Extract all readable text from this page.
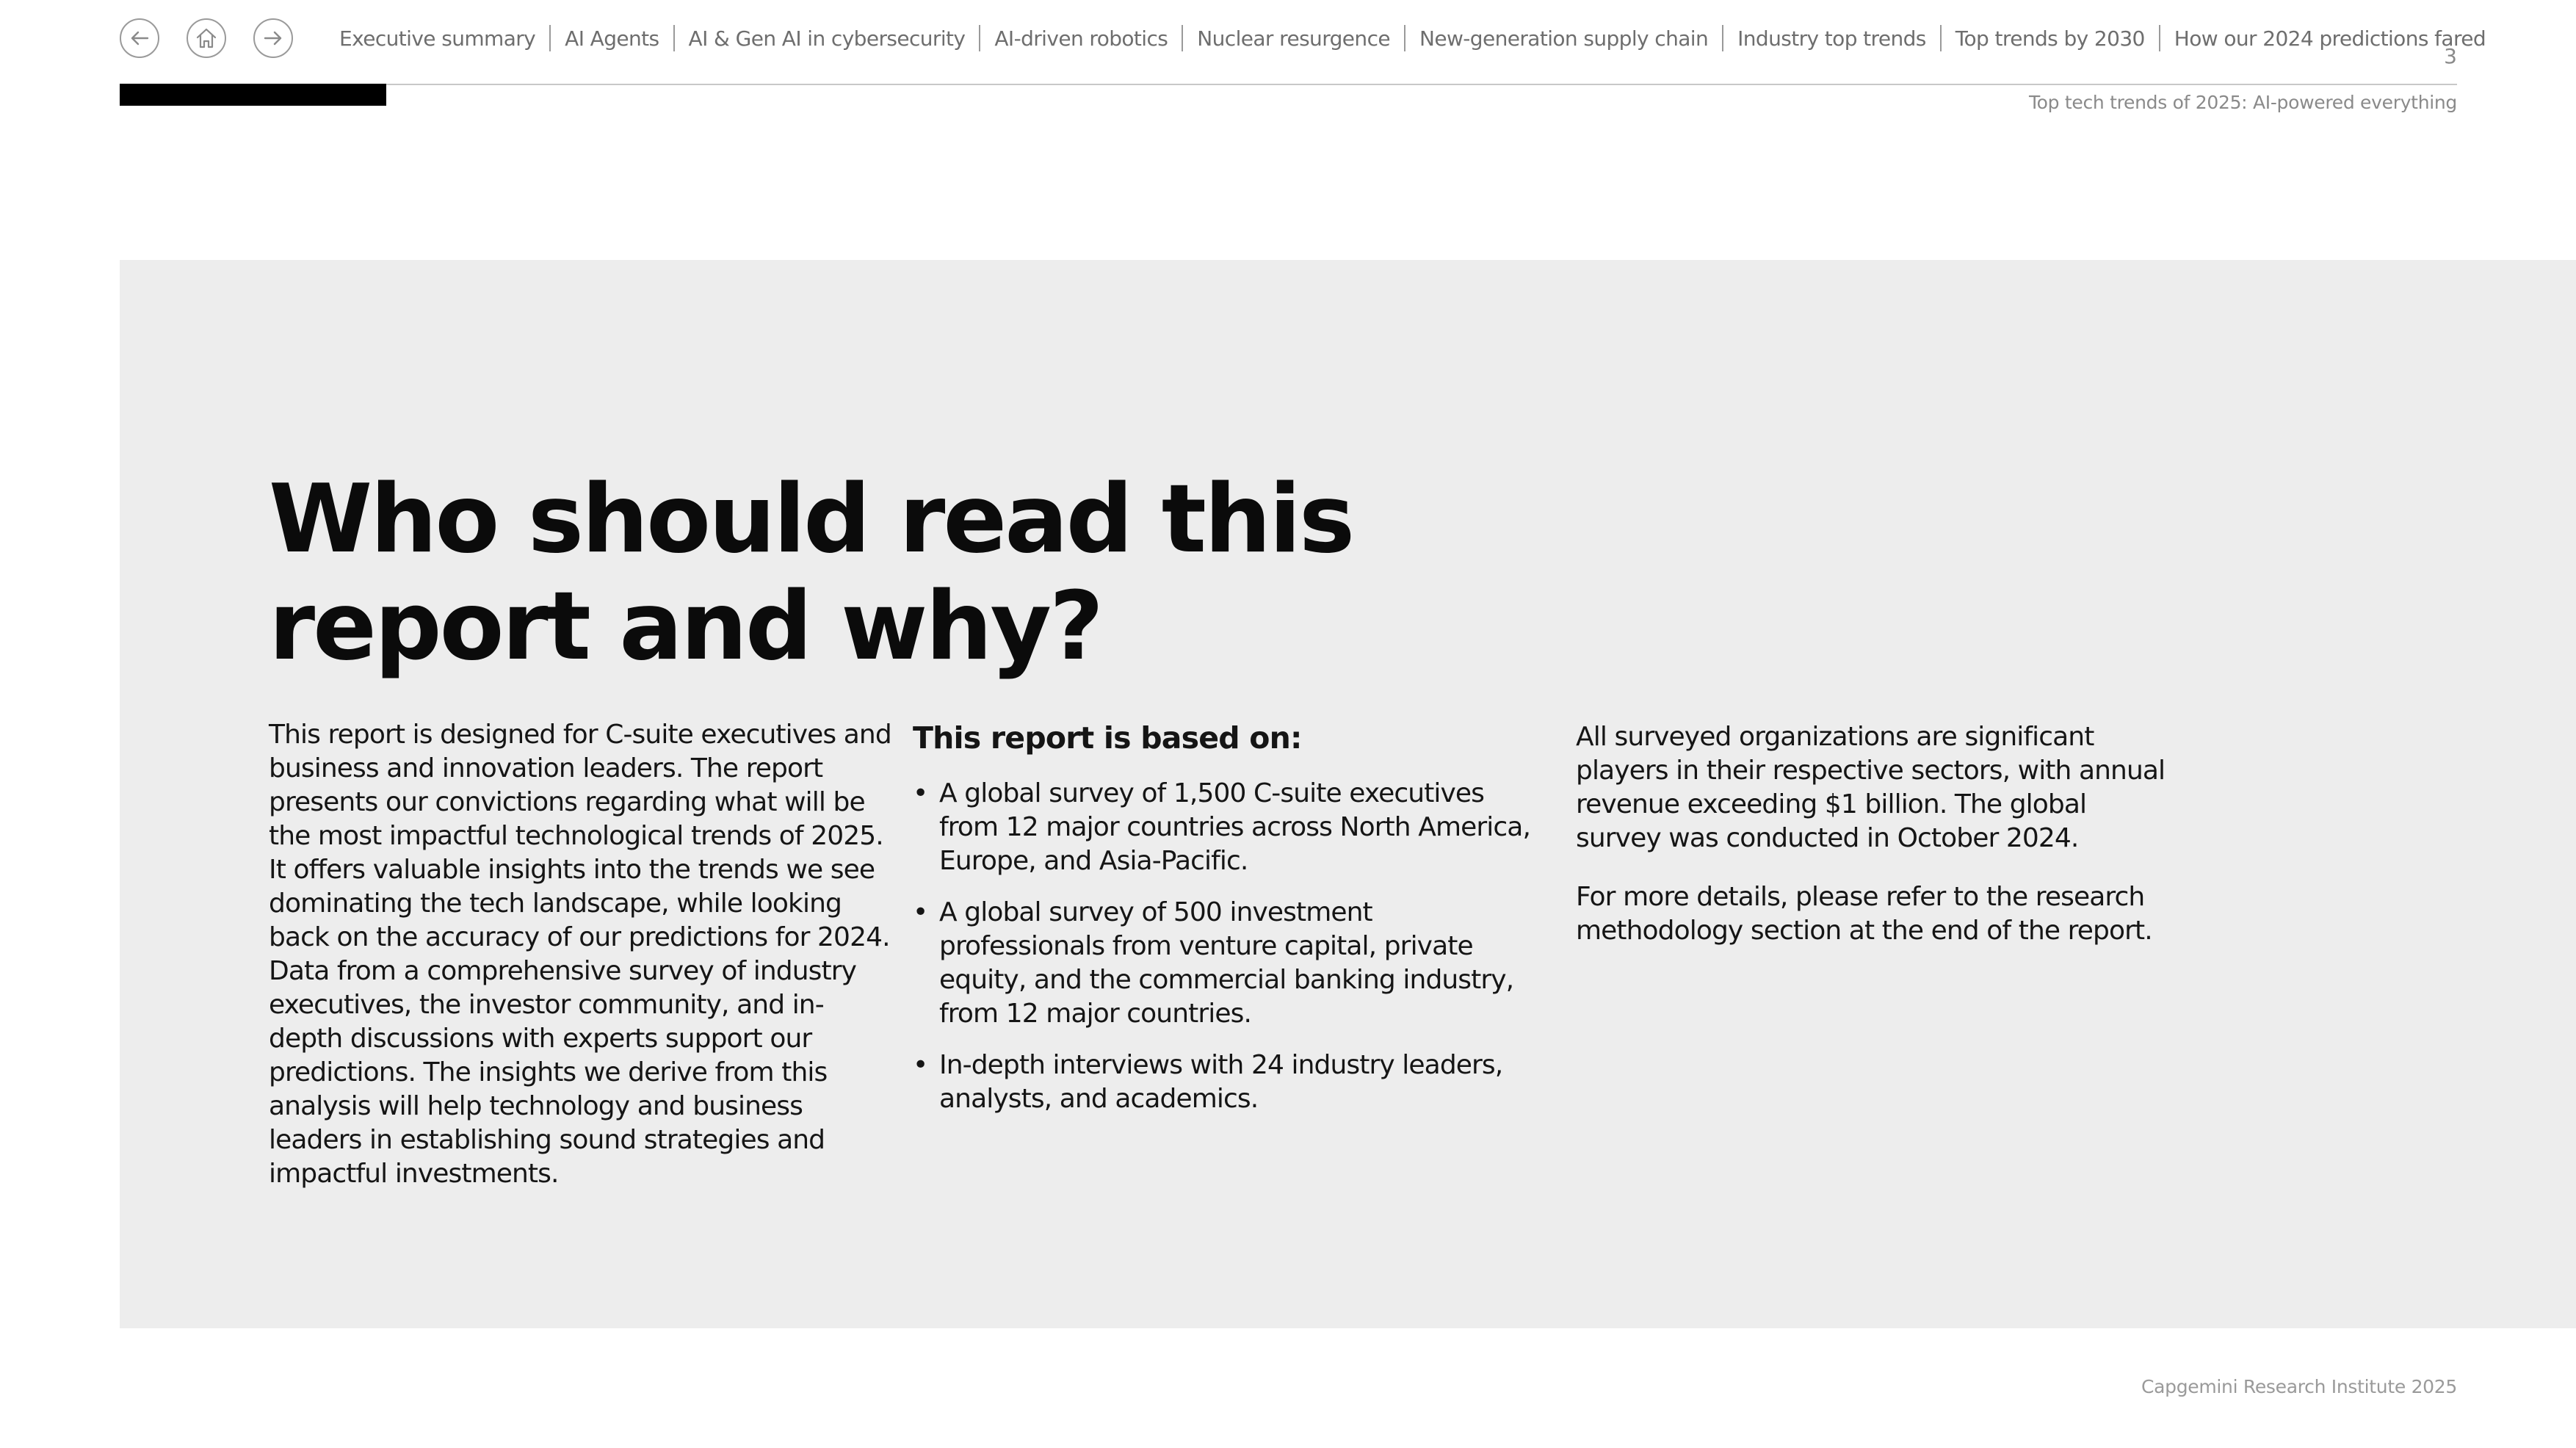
Executive summary AI Agents AI & Gen AI in cybersecurity AI-driven robotics Nuclear resurgence New-generation supply chain Industry top trends Top trends by 2030 How our 2024 predictions fared
3
Top tech trends of 2025: AI-powered everything
Who should read this
report and why?

This report is designed for C-suite executives and business and innovation leaders. The report presents our convictions regarding what will be the most impactful technological trends of 2025. It offers valuable insights into the trends we see dominating the tech landscape, while looking back on the accuracy of our predictions for 2024. Data from a comprehensive survey of industry executives, the investor community, and in-depth discussions with experts support our predictions. The insights we derive from this analysis will help technology and business leaders in establishing sound strategies and impactful investments.

This report is based on:

• A global survey of 1,500 C-suite executives from 12 major countries across North America, Europe, and Asia-Pacific.
• A global survey of 500 investment professionals from venture capital, private equity, and the commercial banking industry, from 12 major countries.
• In-depth interviews with 24 industry leaders, analysts, and academics.

All surveyed organizations are significant players in their respective sectors, with annual revenue exceeding $1 billion. The global survey was conducted in October 2024.

For more details, please refer to the research methodology section at the end of the report.

Capgemini Research Institute 2025
